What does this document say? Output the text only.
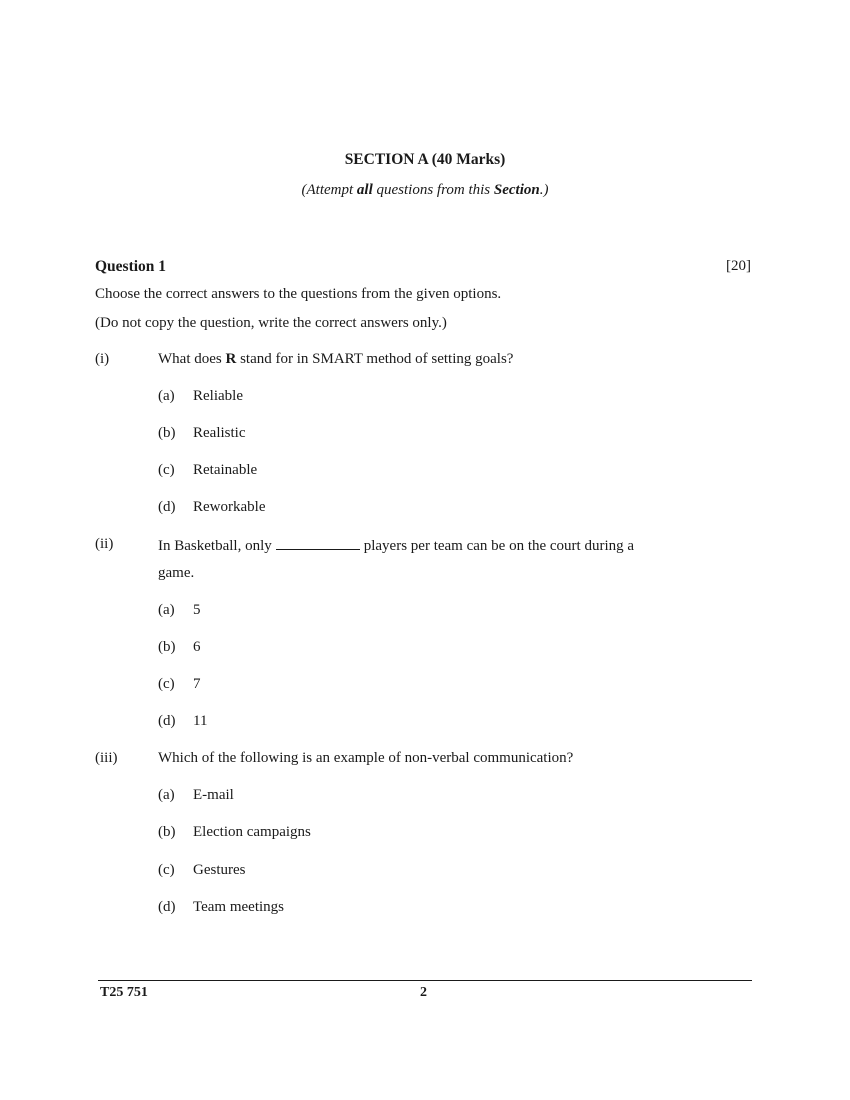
SECTION A (40 Marks)
(Attempt all questions from this Section.)
Question 1	[20]
Choose the correct answers to the questions from the given options.
(Do not copy the question, write the correct answers only.)
(i)	What does R stand for in SMART method of setting goals?
(a) Reliable
(b) Realistic
(c) Retainable
(d) Reworkable
(ii)	In Basketball, only	players per team can be on the court during a
game.
(a) 5
(b) 6
(c) 7
(d) 11
(iii)	Which of the following is an example of non-verbal communication?
(a) E-mail
(b) Election campaigns
(c) Gestures
(d) Team meetings
T25 751	2
